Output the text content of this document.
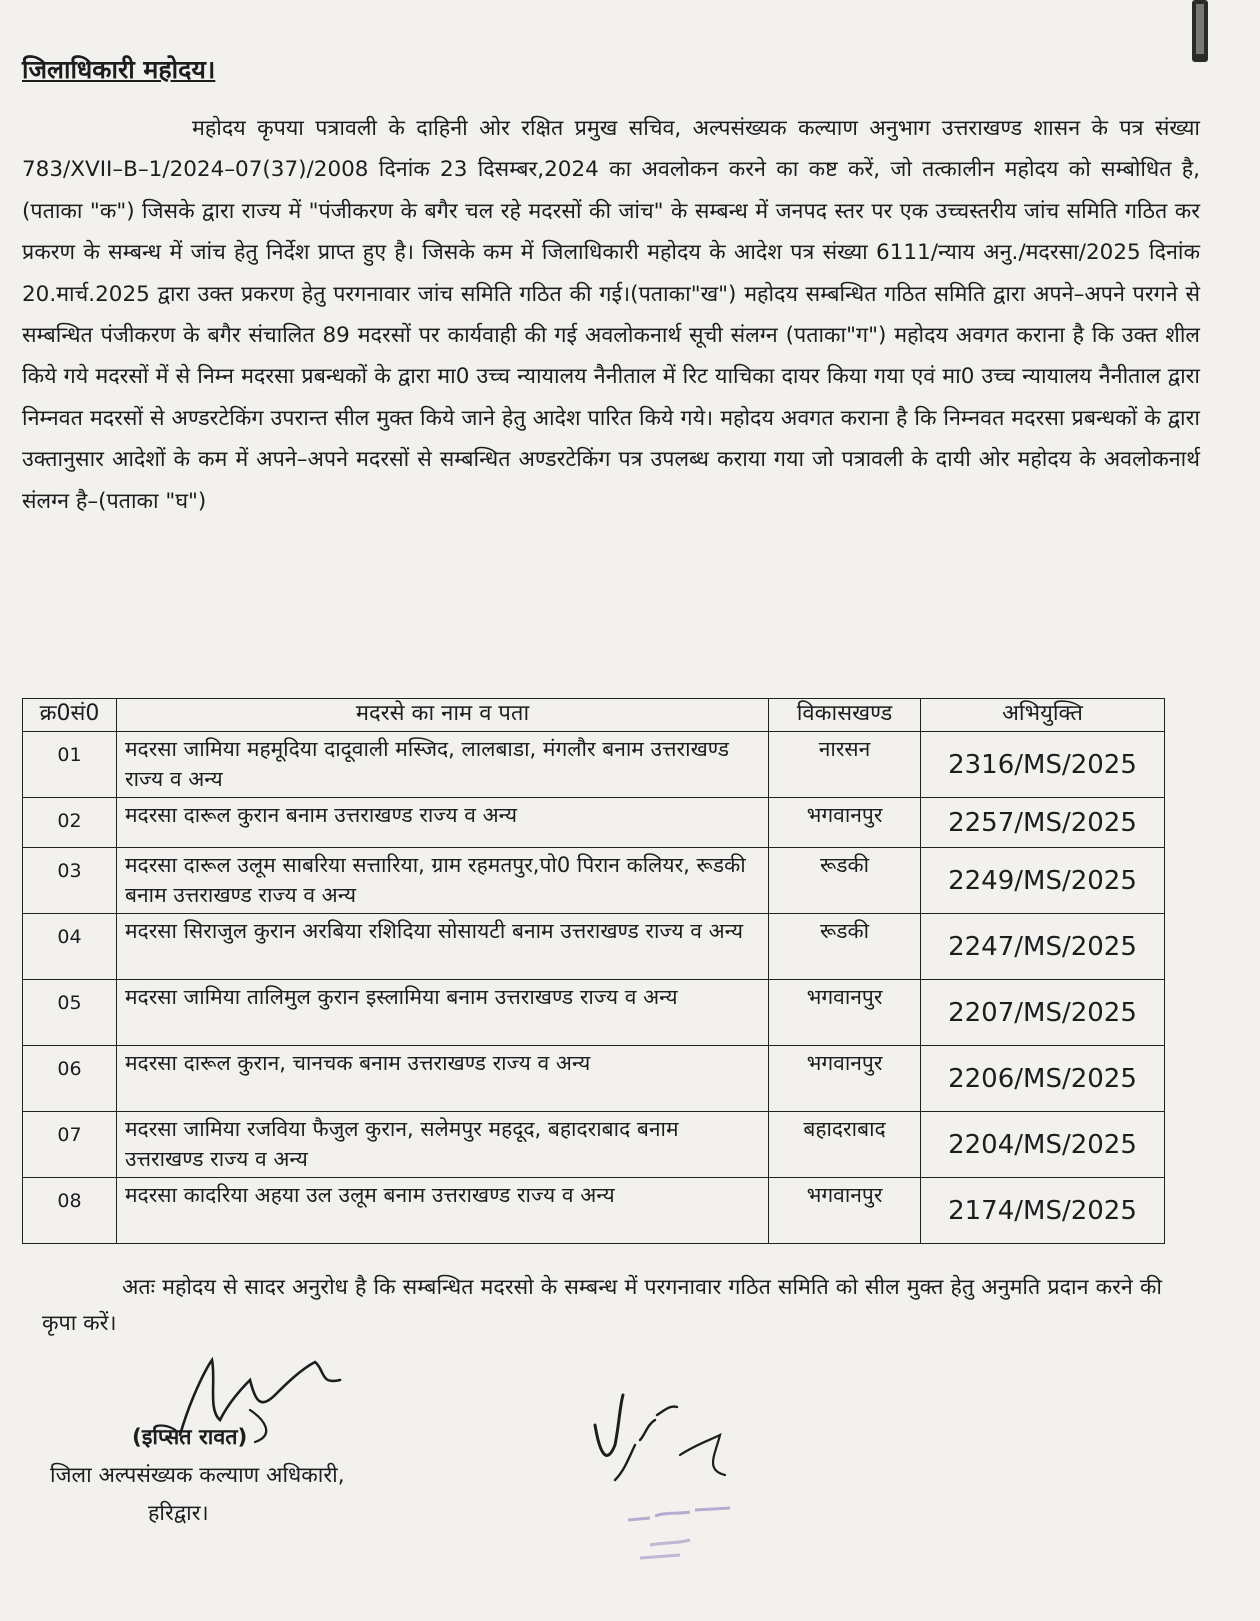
जिलाधिकारी महोदय।

महोदय कृपया पत्रावली के दाहिनी ओर रक्षित प्रमुख सचिव, अल्पसंख्यक कल्याण अनुभाग उत्तराखण्ड शासन के पत्र संख्या 783/XVII–B–1/2024–07(37)/2008 दिनांक 23 दिसम्बर,2024 का अवलोकन करने का कष्ट करें, जो तत्कालीन महोदय को सम्बोधित है,(पताका "क") जिसके द्वारा राज्य में "पंजीकरण के बगैर चल रहे मदरसों की जांच" के सम्बन्ध में जनपद स्तर पर एक उच्चस्तरीय जांच समिति गठित कर प्रकरण के सम्बन्ध में जांच हेतु निर्देश प्राप्त हुए है। जिसके कम में जिलाधिकारी महोदय के आदेश पत्र संख्या 6111/न्याय अनु./मदरसा/2025 दिनांक 20.मार्च.2025 द्वारा उक्त प्रकरण हेतु परगनावार जांच समिति गठित की गई।(पताका"ख") महोदय सम्बन्धित गठित समिति द्वारा अपने–अपने परगने से सम्बन्धित पंजीकरण के बगैर संचालित 89 मदरसों पर कार्यवाही की गई अवलोकनार्थ सूची संलग्न (पताका"ग") महोदय अवगत कराना है कि उक्त शील किये गये मदरसों में से निम्न मदरसा प्रबन्धकों के द्वारा मा0 उच्च न्यायालय नैनीताल में रिट याचिका दायर किया गया एवं मा0 उच्च न्यायालय नैनीताल द्वारा निम्नवत मदरसों से अण्डरटेकिंग उपरान्त सील मुक्त किये जाने हेतु आदेश पारित किये गये। महोदय अवगत कराना है कि निम्नवत मदरसा प्रबन्धकों के द्वारा उक्तानुसार आदेशों के कम में अपने–अपने मदरसों से सम्बन्धित अण्डरटेकिंग पत्र उपलब्ध कराया गया जो पत्रावली के दायी ओर महोदय के अवलोकनार्थ संलग्न है–(पताका "घ")

क्र0सं0	मदरसे का नाम व पता	विकासखण्ड	अभियुक्ति
01	मदरसा जामिया महमूदिया दादूवाली मस्जिद, लालबाडा, मंगलौर बनाम उत्तराखण्ड राज्य व अन्य	नारसन	2316/MS/2025
02	मदरसा दारूल कुरान बनाम उत्तराखण्ड राज्य व अन्य	भगवानपुर	2257/MS/2025
03	मदरसा दारूल उलूम साबरिया सत्तारिया, ग्राम रहमतपुर,पो0 पिरान कलियर, रूडकी बनाम उत्तराखण्ड राज्य व अन्य	रूडकी	2249/MS/2025
04	मदरसा सिराजुल कुरान अरबिया रशिदिया सोसायटी बनाम उत्तराखण्ड राज्य व अन्य	रूडकी	2247/MS/2025
05	मदरसा जामिया तालिमुल कुरान इस्लामिया बनाम उत्तराखण्ड राज्य व अन्य	भगवानपुर	2207/MS/2025
06	मदरसा दारूल कुरान, चानचक बनाम उत्तराखण्ड राज्य व अन्य	भगवानपुर	2206/MS/2025
07	मदरसा जामिया रजविया फैजुल कुरान, सलेमपुर महदूद, बहादराबाद बनाम उत्तराखण्ड राज्य व अन्य	बहादराबाद	2204/MS/2025
08	मदरसा कादरिया अहया उल उलूम बनाम उत्तराखण्ड राज्य व अन्य	भगवानपुर	2174/MS/2025

अतः महोदय से सादर अनुरोध है कि सम्बन्धित मदरसो के सम्बन्ध में परगनावार गठित समिति को सील मुक्त हेतु अनुमति प्रदान करने की कृपा करें।

(इप्सित रावत)

जिला अल्पसंख्यक कल्याण अधिकारी,

हरिद्वार।
